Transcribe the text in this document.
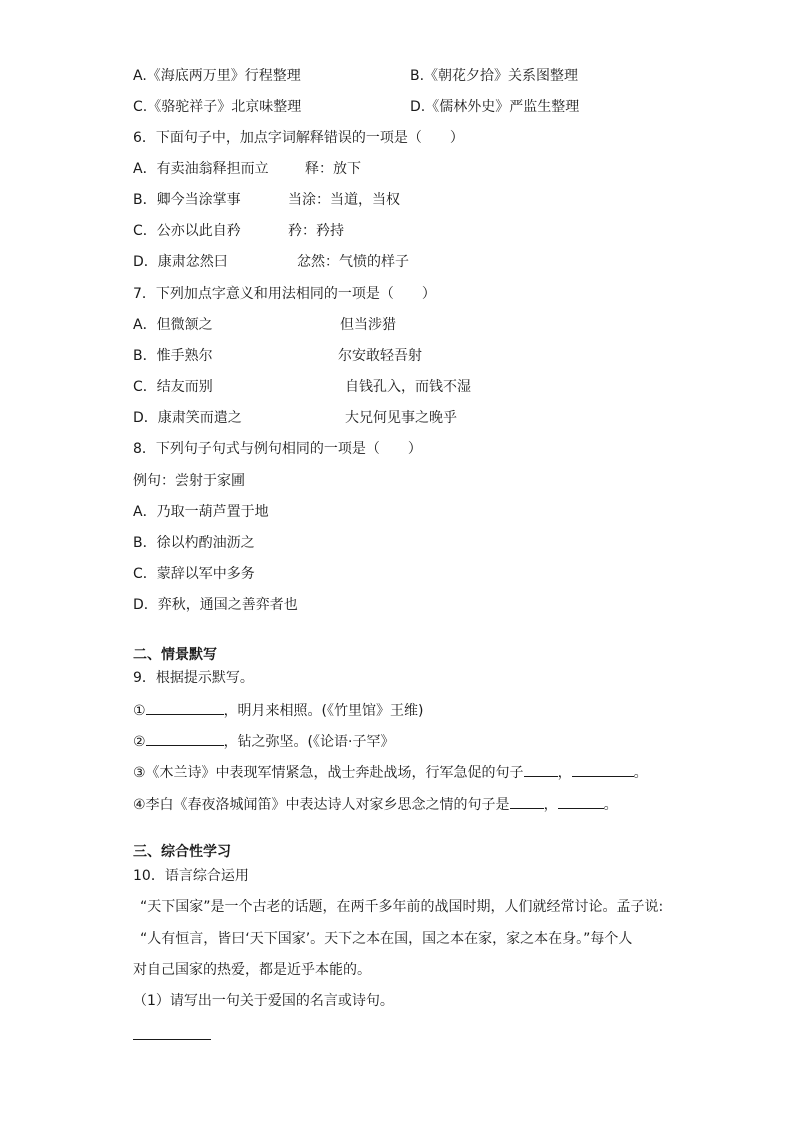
A.《海底两万里》行程整理	B.《朝花夕拾》关系图整理
C.《骆驼祥子》北京味整理	D.《儒林外史》严监生整理
6．下面句子中，加点字词解释错误的一项是（　　）
A．有卖油翁释担而立	释：放下
B．卿今当涂掌事	当涂：当道，当权
C．公亦以此自矜	矜：矜持
D．康肃忿然曰	忿然：气愤的样子
7．下列加点字意义和用法相同的一项是（　　）
A．但微颔之	但当涉猎
B．惟手熟尔	尔安敢轻吾射
C．结友而别	自钱孔入，而钱不湿
D．康肃笑而遣之	大兄何见事之晚乎
8．下列句子句式与例句相同的一项是（　　）
例句：尝射于家圃
A．乃取一葫芦置于地
B．徐以杓酌油沥之
C．蒙辞以军中多务
D．弈秋，通国之善弈者也
二、情景默写
9．根据提示默写。
①	，明月来相照。(《竹里馆》王维)
②	，钻之弥坚。(《论语·子罕》
③《木兰诗》中表现军情紧急，战士奔赴战场，行军急促的句子 ，	。
④李白《春夜洛城闻笛》中表达诗人对家乡思念之情的句子是 ，	。
三、综合性学习
10．语言综合运用
“天下国家”是一个古老的话题，在两千多年前的战国时期，人们就经常讨论。孟子说:
“人有恒言，皆曰‘天下国家’。天下之本在国，国之本在家，家之本在身。”每个人
对自己国家的热爱，都是近乎本能的。
（1）请写出一句关于爱国的名言或诗句。
